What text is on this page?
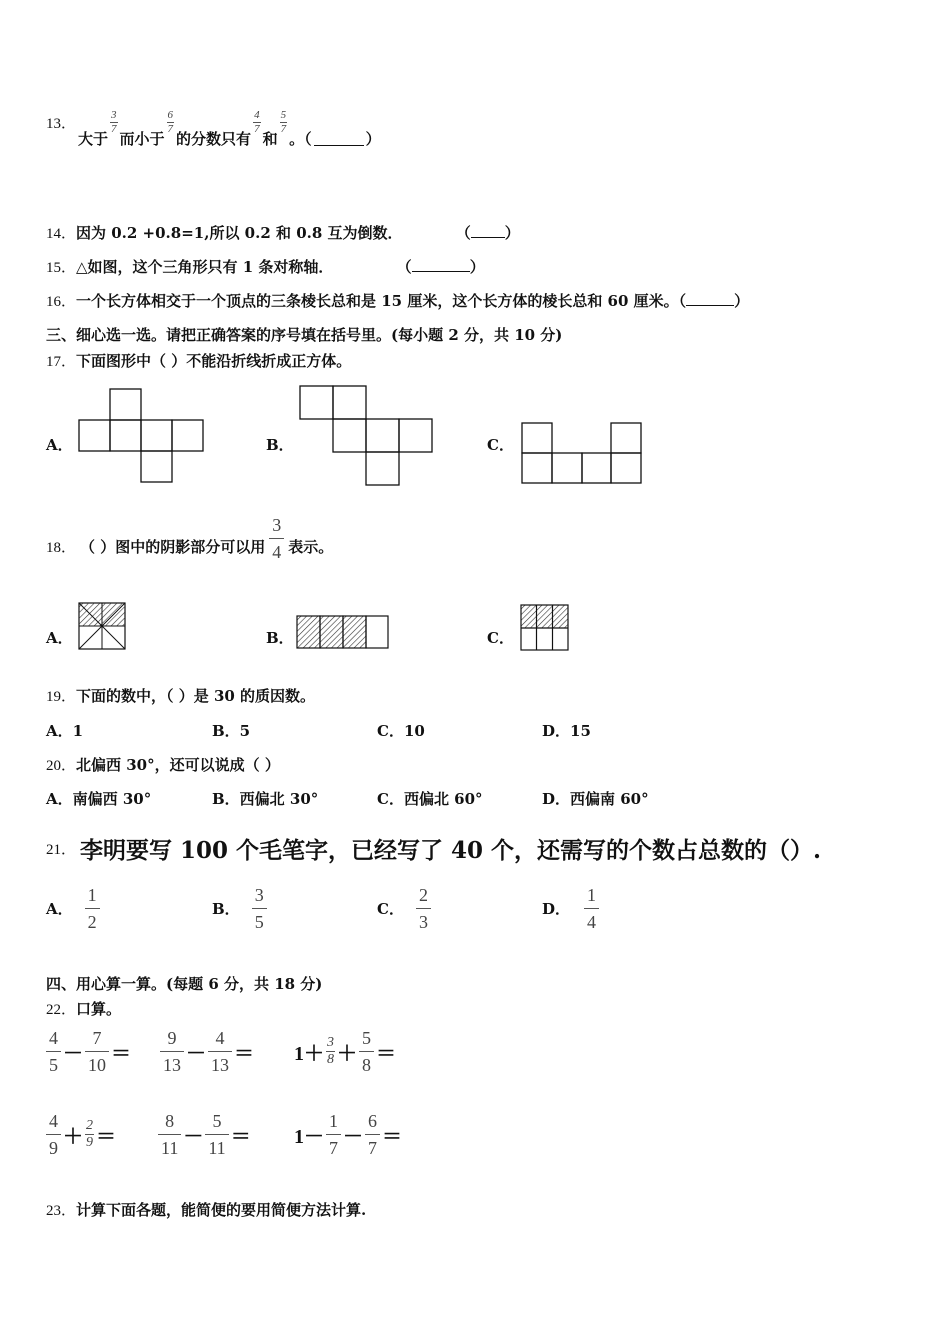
13．
大于
$\frac{3}{7}$
而小于
$\frac{6}{7}$
的分数只有
$\frac{4}{7}$
和
$\frac{5}{7}$
。（	）
14．因为 0.2 +0.8=1,所以 0.2 和 0.8 互为倒数．	（ ）
15．△如图，这个三角形只有 1 条对称轴．	（	）
16．一个长方体相交于一个顶点的三条棱长总和是 15 厘米，这个长方体的棱长总和 60 厘米。（	）
三、细心选一选。请把正确答案的序号填在括号里。(每小题 2 分，共 10 分)
17．下面图形中（ ）不能沿折线折成正方体。
A．	B．	C．
18． （ ）图中的阴影部分可以用 $\frac{3}{4}$ 表示。
A．	B．	C．
19．下面的数中，（ ）是 30 的质因数。
A．1	B．5	C．10	D．15
20．北偏西 30°，还可以说成（ ）
A．南偏西 30°	B．西偏北 30°	C．西偏北 60°	D．西偏南 60°
21． 李明要写 100 个毛笔字，已经写了 40 个，还需写的个数占总数的（）.
A． $\frac{1}{2}$	B． $\frac{3}{5}$	C． $\frac{2}{3}$	D． $\frac{1}{4}$
四、用心算一算。(每题 6 分，共 18 分)
22．口算。
$\frac{4}{5} - \frac{7}{10} = \frac{9}{13} - \frac{4}{13} = 1+ \frac{3}{8} + \frac{5}{8}$ ＝
$\frac{4}{9} + \frac{2}{9} = \frac{8}{11} - \frac{5}{11} = 1- \frac{1}{7} - \frac{6}{7}$ ＝
23．计算下面各题，能简便的要用简便方法计算.
